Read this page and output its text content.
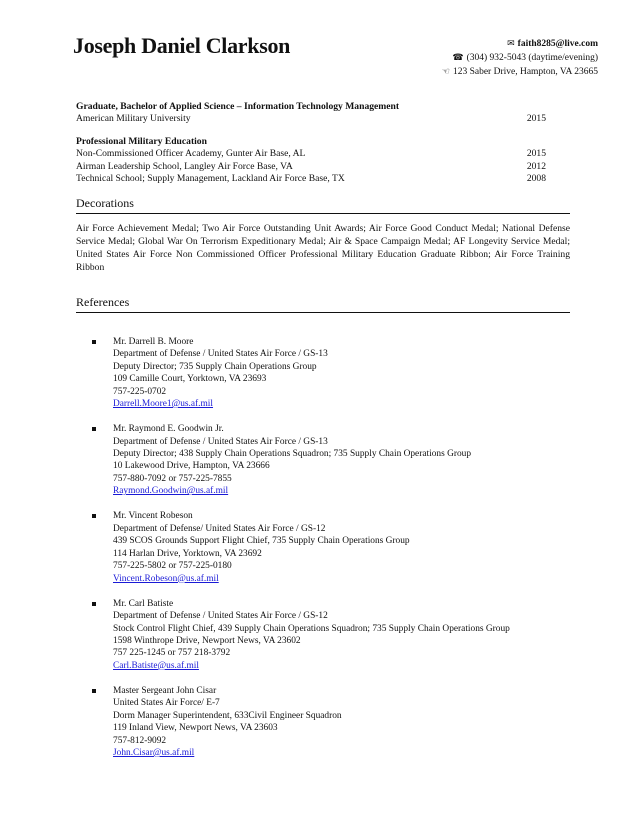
Joseph Daniel Clarkson	✉ faith8285@live.com
☎ (304) 932-5043 (daytime/evening)
☜ 123 Saber Drive, Hampton, VA 23665
Graduate, Bachelor of Applied Science – Information Technology Management
American Military University	2015
Professional Military Education
Non-Commissioned Officer Academy, Gunter Air Base, AL	2015
Airman Leadership School, Langley Air Force Base, VA	2012
Technical School; Supply Management, Lackland Air Force Base, TX	2008
Decorations
Air Force Achievement Medal; Two Air Force Outstanding Unit Awards; Air Force Good Conduct Medal; National Defense Service Medal; Global War On Terrorism Expeditionary Medal; Air & Space Campaign Medal; AF Longevity Service Medal; United States Air Force Non Commissioned Officer Professional Military Education Graduate Ribbon; Air Force Training Ribbon
References
Mr. Darrell B. Moore
Department of Defense / United States Air Force / GS-13
Deputy Director; 735 Supply Chain Operations Group
109 Camille Court, Yorktown, VA 23693
757-225-0702
Darrell.Moore1@us.af.mil
Mr. Raymond E. Goodwin Jr.
Department of Defense / United States Air Force / GS-13
Deputy Director; 438 Supply Chain Operations Squadron; 735 Supply Chain Operations Group
10 Lakewood Drive, Hampton, VA 23666
757-880-7092 or 757-225-7855
Raymond.Goodwin@us.af.mil
Mr. Vincent Robeson
Department of Defense/ United States Air Force / GS-12
439 SCOS Grounds Support Flight Chief, 735 Supply Chain Operations Group
114 Harlan Drive, Yorktown, VA 23692
757-225-5802 or 757-225-0180
Vincent.Robeson@us.af.mil
Mr. Carl Batiste
Department of Defense / United States Air Force / GS-12
Stock Control Flight Chief, 439 Supply Chain Operations Squadron; 735 Supply Chain Operations Group
1598 Winthrope Drive, Newport News, VA 23602
757 225-1245 or 757 218-3792
Carl.Batiste@us.af.mil
Master Sergeant John Cisar
United States Air Force/ E-7
Dorm Manager Superintendent, 633Civil Engineer Squadron
119 Inland View, Newport News, VA 23603
757-812-9092
John.Cisar@us.af.mil
